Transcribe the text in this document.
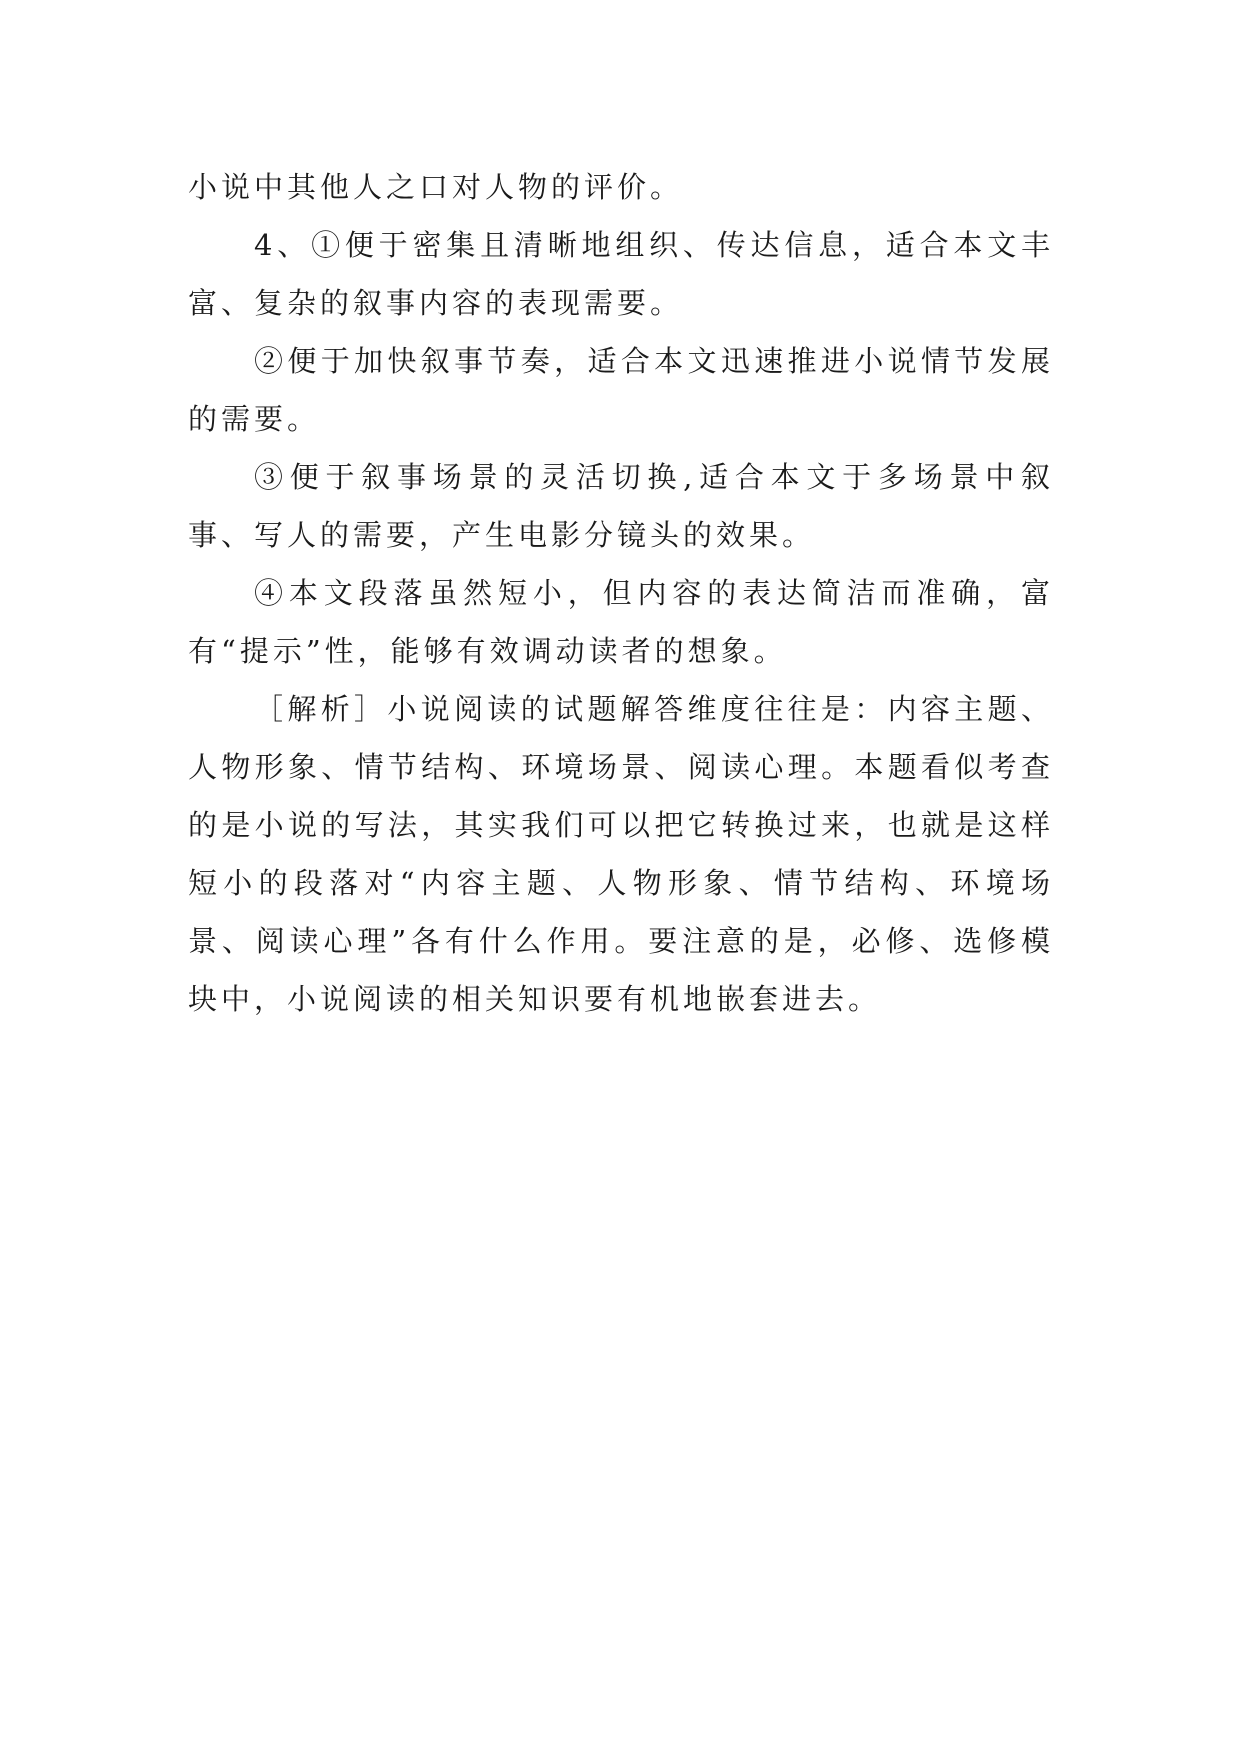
小说中其他人之口对人物的评价。

4、①便于密集且清晰地组织、传达信息，适合本文丰富、复杂的叙事内容的表现需要。

②便于加快叙事节奏，适合本文迅速推进小说情节发展的需要。

③便于叙事场景的灵活切换,适合本文于多场景中叙事、写人的需要，产生电影分镜头的效果。

④本文段落虽然短小，但内容的表达简洁而准确，富有“提示”性，能够有效调动读者的想象。

［解析］小说阅读的试题解答维度往往是：内容主题、人物形象、情节结构、环境场景、阅读心理。本题看似考查的是小说的写法，其实我们可以把它转换过来，也就是这样短小的段落对“内容主题、人物形象、情节结构、环境场景、阅读心理”各有什么作用。要注意的是，必修、选修模块中，小说阅读的相关知识要有机地嵌套进去。
